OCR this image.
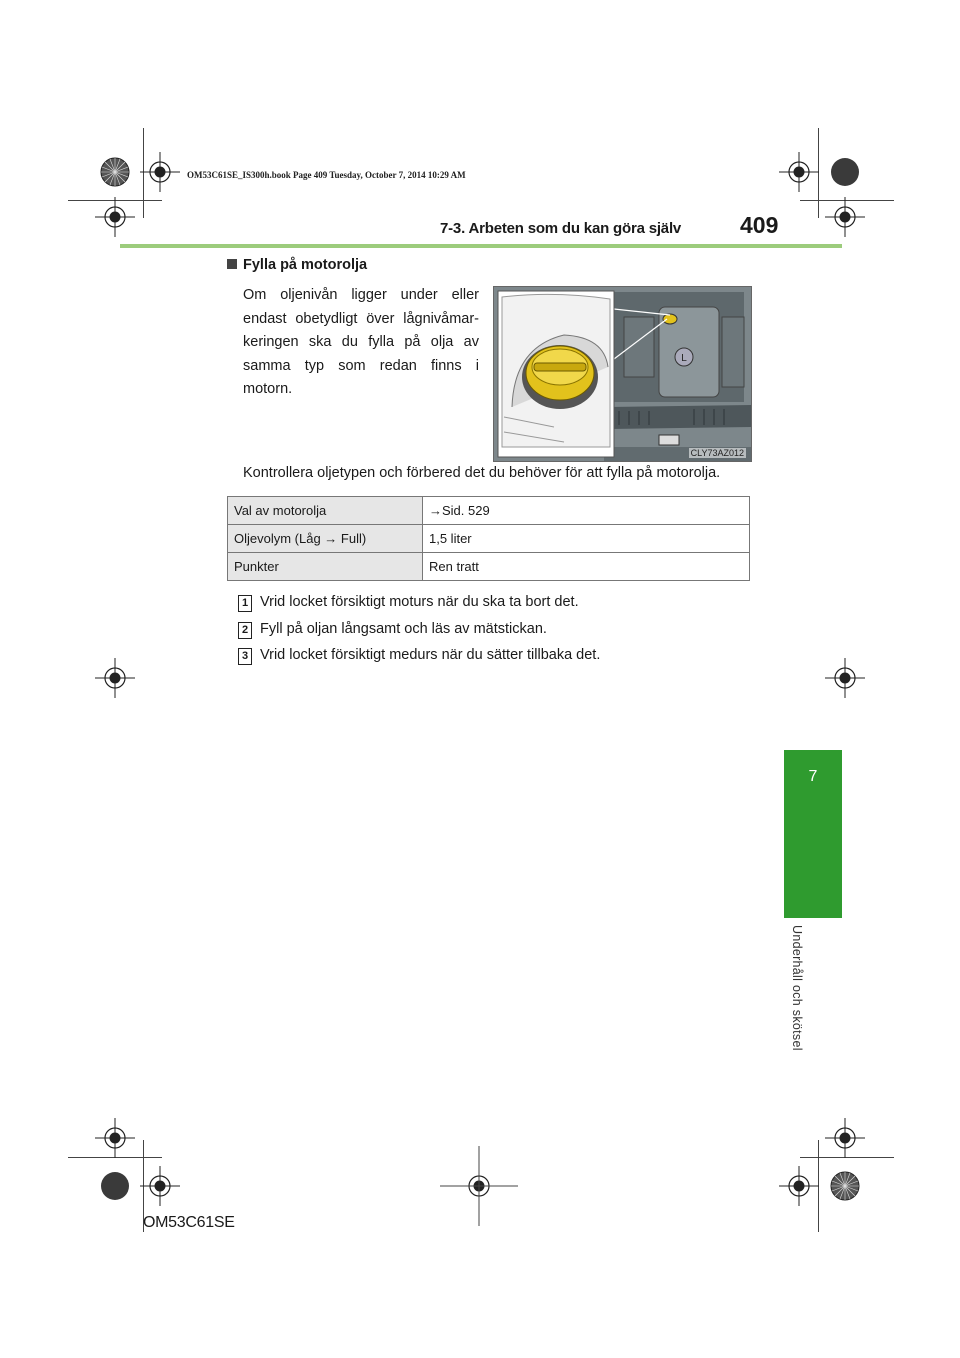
OM53C61SE_IS300h.book Page 409 Tuesday, October 7, 2014 10:29 AM
7-3. Arbeten som du kan göra själv	409
7
Underhåll och skötsel
Fylla på motorolja
Om oljenivån ligger under eller endast obetydligt över lågnivåmar-keringen ska du fylla på olja av samma typ som redan finns i motorn.
L
CLY73AZ012
Kontrollera oljetypen och förbered det du behöver för att fylla på motorolja.
Val av motorolja	→Sid. 529
Oljevolym (Låg → Full)	1,5 liter
Punkter	Ren tratt
1 Vrid locket försiktigt moturs när du ska ta bort det.
2 Fyll på oljan långsamt och läs av mätstickan.
3 Vrid locket försiktigt medurs när du sätter tillbaka det.
OM53C61SE
